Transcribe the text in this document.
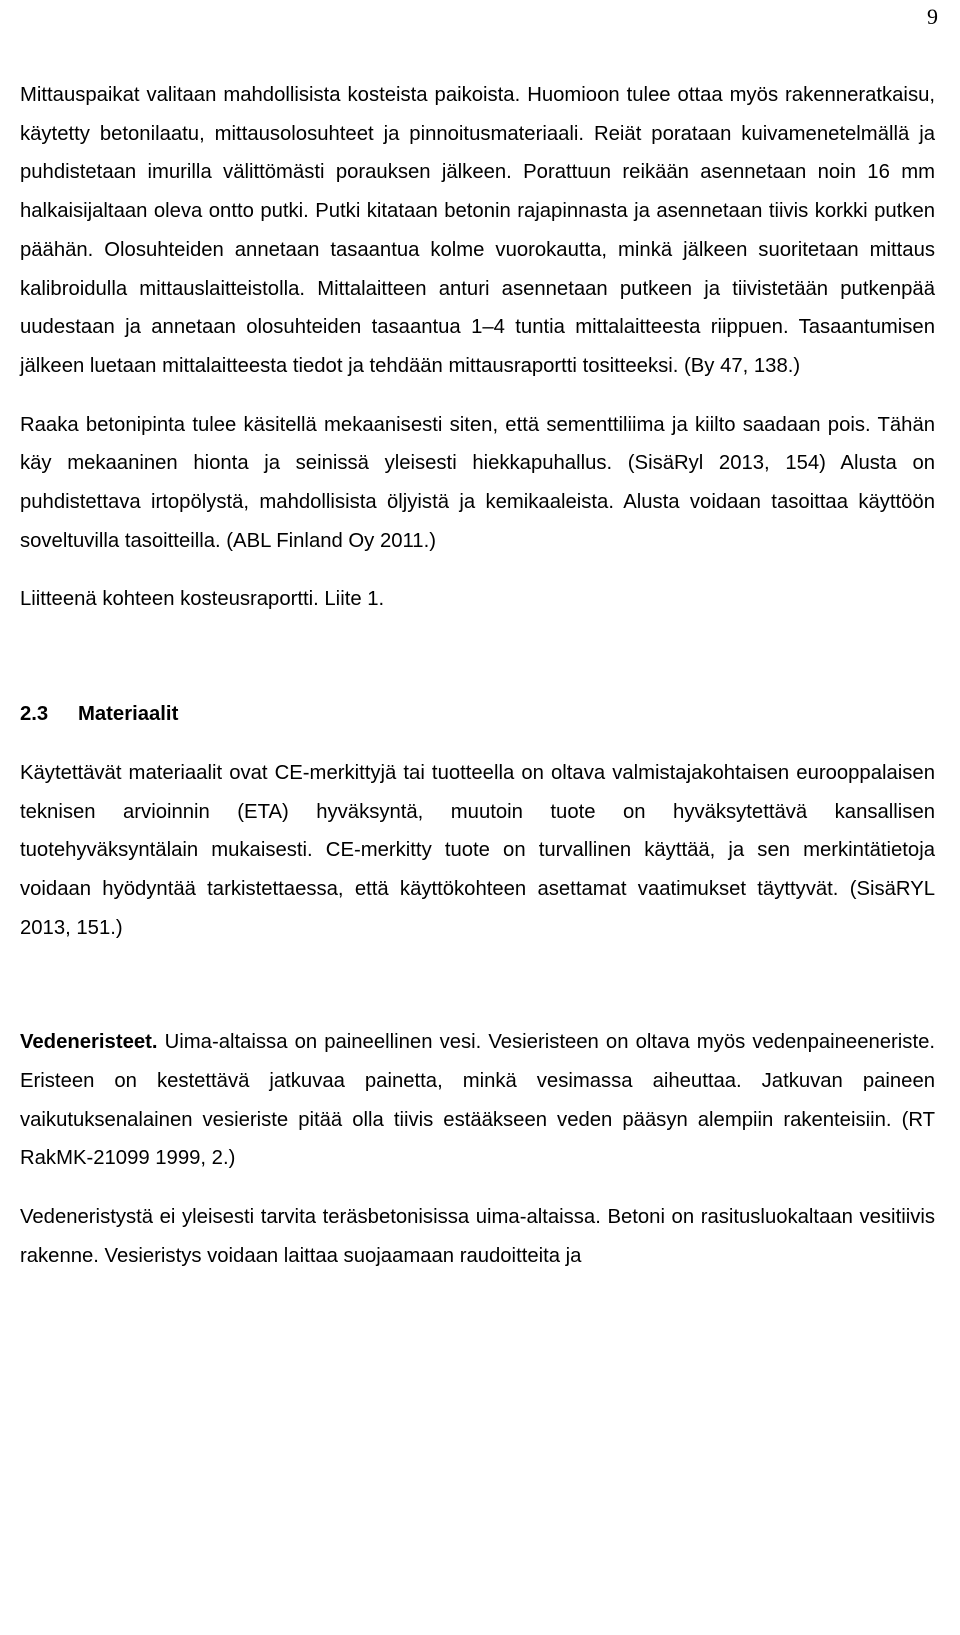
9

Mittauspaikat valitaan mahdollisista kosteista paikoista. Huomioon tulee ottaa myös rakenneratkaisu, käytetty betonilaatu, mittausolosuhteet ja pinnoitusmateriaali. Reiät porataan kuivamenetelmällä ja puhdistetaan imurilla välittömästi porauksen jälkeen. Porattuun reikään asennetaan noin 16 mm halkaisijaltaan oleva ontto putki. Putki kitataan betonin rajapinnasta ja asennetaan tiivis korkki putken päähän. Olosuhteiden annetaan tasaantua kolme vuorokautta, minkä jälkeen suoritetaan mittaus kalibroidulla mittauslaitteistolla. Mittalaitteen anturi asennetaan putkeen ja tiivistetään putkenpää uudestaan ja annetaan olosuhteiden tasaantua 1–4 tuntia mittalaitteesta riippuen. Tasaantumisen jälkeen luetaan mittalaitteesta tiedot ja tehdään mittausraportti tositteeksi. (By 47, 138.)

Raaka betonipinta tulee käsitellä mekaanisesti siten, että sementtiliima ja kiilto saadaan pois. Tähän käy mekaaninen hionta ja seinissä yleisesti hiekkapuhallus. (SisäRyl 2013, 154) Alusta on puhdistettava irtopölystä, mahdollisista öljyistä ja kemikaaleista. Alusta voidaan tasoittaa käyttöön soveltuvilla tasoitteilla. (ABL Finland Oy 2011.)

Liitteenä kohteen kosteusraportti. Liite 1.

2.3 Materiaalit

Käytettävät materiaalit ovat CE-merkittyjä tai tuotteella on oltava valmistajakohtaisen eurooppalaisen teknisen arvioinnin (ETA) hyväksyntä, muutoin tuote on hyväksytettävä kansallisen tuotehyväksyntälain mukaisesti. CE-merkitty tuote on turvallinen käyttää, ja sen merkintätietoja voidaan hyödyntää tarkistettaessa, että käyttökohteen asettamat vaatimukset täyttyvät. (SisäRYL 2013, 151.)

Vedeneristeet. Uima-altaissa on paineellinen vesi. Vesieristeen on oltava myös vedenpaineeneriste. Eristeen on kestettävä jatkuvaa painetta, minkä vesimassa aiheuttaa. Jatkuvan paineen vaikutuksenalainen vesieriste pitää olla tiivis estääkseen veden pääsyn alempiin rakenteisiin. (RT RakMK-21099 1999, 2.)

Vedeneristystä ei yleisesti tarvita teräsbetonisissa uima-altaissa. Betoni on rasitusluokaltaan vesitiivis rakenne. Vesieristys voidaan laittaa suojaamaan raudoitteita ja
